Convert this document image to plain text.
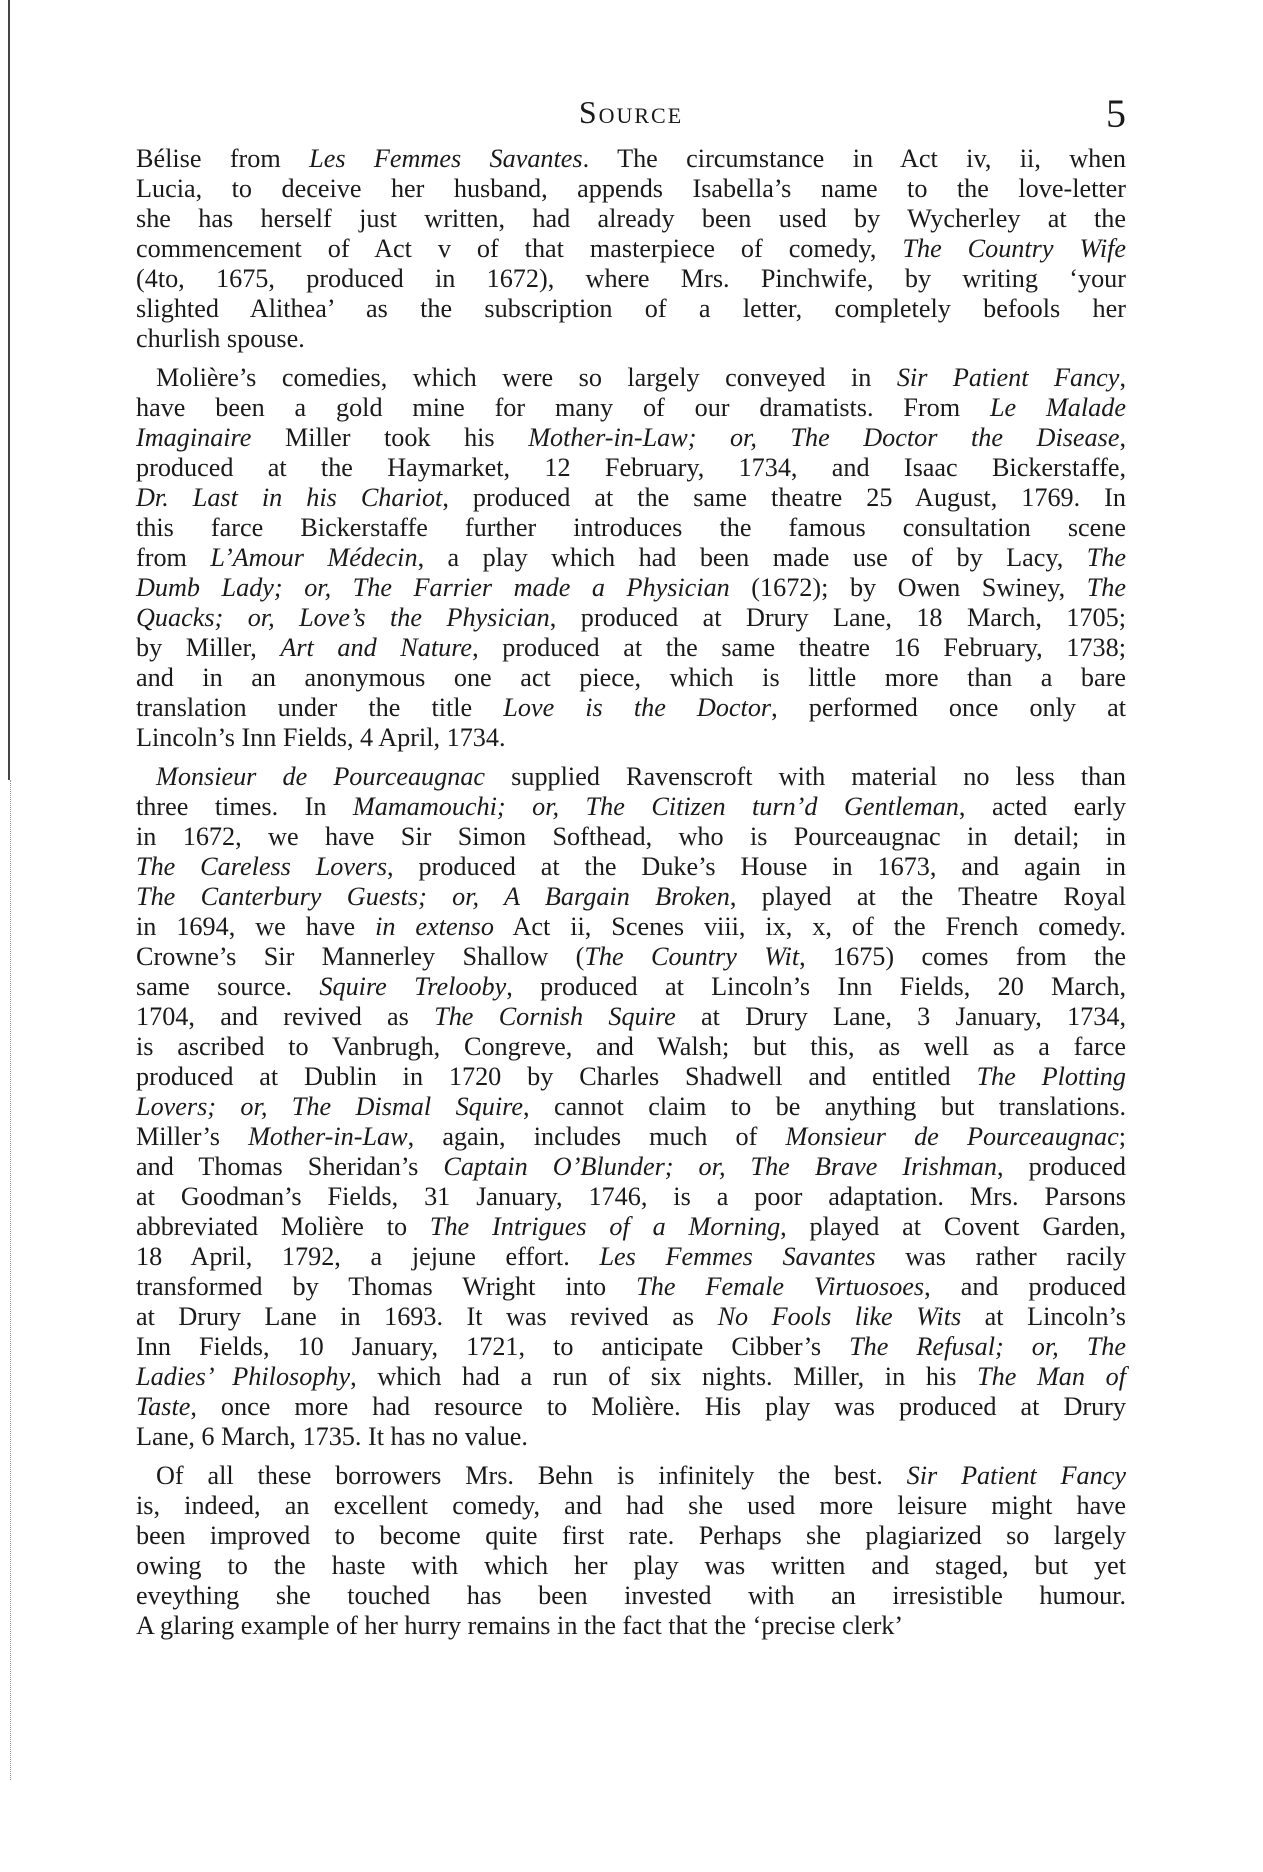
Source	5

Bélise from Les Femmes Savantes. The circumstance in Act iv, ii, when
Lucia, to deceive her husband, appends Isabella’s name to the love-letter
she has herself just written, had already been used by Wycherley at the
commencement of Act v of that masterpiece of comedy, The Country Wife
(4to, 1675, produced in 1672), where Mrs. Pinchwife, by writing ‘your
slighted Alithea’ as the subscription of a letter, completely befools her
churlish spouse.

Molière’s comedies, which were so largely conveyed in Sir Patient Fancy,
have been a gold mine for many of our dramatists. From Le Malade
Imaginaire Miller took his Mother-in-Law; or, The Doctor the Disease,
produced at the Haymarket, 12 February, 1734, and Isaac Bickerstaffe,
Dr. Last in his Chariot, produced at the same theatre 25 August, 1769. In
this farce Bickerstaffe further introduces the famous consultation scene
from L’Amour Médecin, a play which had been made use of by Lacy, The
Dumb Lady; or, The Farrier made a Physician (1672); by Owen Swiney, The
Quacks; or, Love’s the Physician, produced at Drury Lane, 18 March, 1705;
by Miller, Art and Nature, produced at the same theatre 16 February, 1738;
and in an anonymous one act piece, which is little more than a bare
translation under the title Love is the Doctor, performed once only at
Lincoln’s Inn Fields, 4 April, 1734.

Monsieur de Pourceaugnac supplied Ravenscroft with material no less than
three times. In Mamamouchi; or, The Citizen turn’d Gentleman, acted early
in 1672, we have Sir Simon Softhead, who is Pourceaugnac in detail; in
The Careless Lovers, produced at the Duke’s House in 1673, and again in
The Canterbury Guests; or, A Bargain Broken, played at the Theatre Royal
in 1694, we have in extenso Act ii, Scenes viii, ix, x, of the French comedy.
Crowne’s Sir Mannerley Shallow (The Country Wit, 1675) comes from the
same source. Squire Trelooby, produced at Lincoln’s Inn Fields, 20 March,
1704, and revived as The Cornish Squire at Drury Lane, 3 January, 1734,
is ascribed to Vanbrugh, Congreve, and Walsh; but this, as well as a farce
produced at Dublin in 1720 by Charles Shadwell and entitled The Plotting
Lovers; or, The Dismal Squire, cannot claim to be anything but translations.
Miller’s Mother-in-Law, again, includes much of Monsieur de Pourceaugnac;
and Thomas Sheridan’s Captain O’Blunder; or, The Brave Irishman, produced
at Goodman’s Fields, 31 January, 1746, is a poor adaptation. Mrs. Parsons
abbreviated Molière to The Intrigues of a Morning, played at Covent Garden,
18 April, 1792, a jejune effort. Les Femmes Savantes was rather racily
transformed by Thomas Wright into The Female Virtuosoes, and produced
at Drury Lane in 1693. It was revived as No Fools like Wits at Lincoln’s
Inn Fields, 10 January, 1721, to anticipate Cibber’s The Refusal; or, The
Ladies’ Philosophy, which had a run of six nights. Miller, in his The Man of
Taste, once more had resource to Molière. His play was produced at Drury
Lane, 6 March, 1735. It has no value.

Of all these borrowers Mrs. Behn is infinitely the best. Sir Patient Fancy
is, indeed, an excellent comedy, and had she used more leisure might have
been improved to become quite first rate. Perhaps she plagiarized so largely
owing to the haste with which her play was written and staged, but yet
eveything she touched has been invested with an irresistible humour.
A glaring example of her hurry remains in the fact that the ‘precise clerk’
